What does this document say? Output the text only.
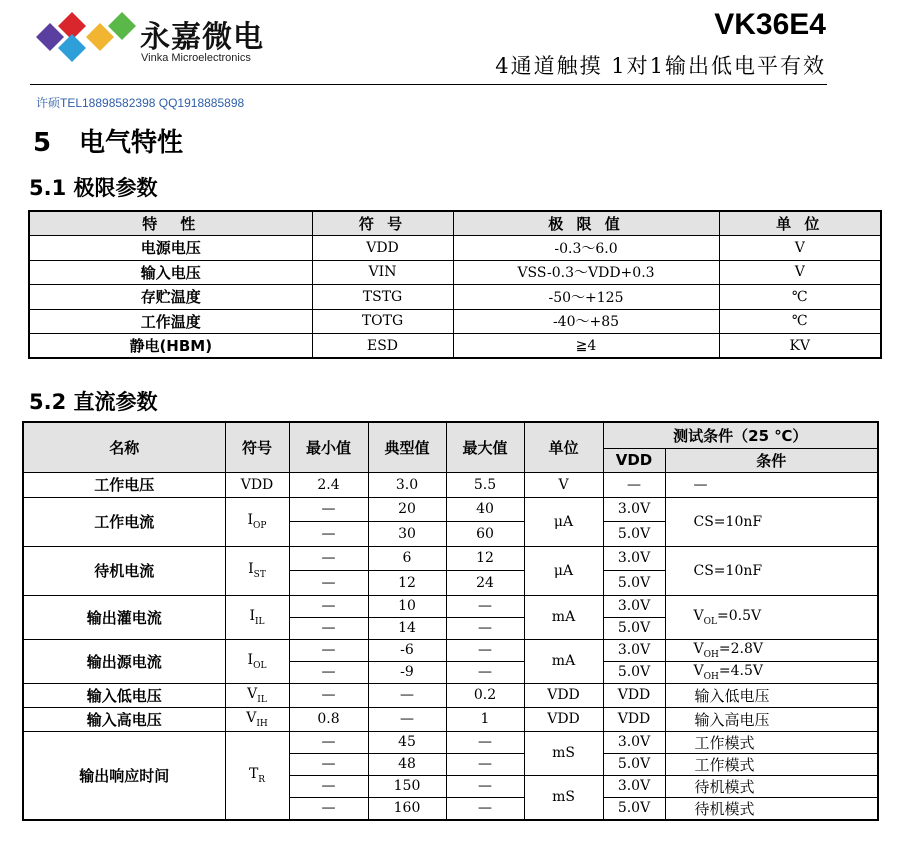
永嘉微电
Vinka Microelectronics
VK36E4
4通道触摸 1对1输出低电平有效
许硕TEL18898582398 QQ1918885898
5 电气特性
5.1 极限参数
特　性	符 号	极 限 值	单 位
电源电压	VDD	-0.3～6.0	V
输入电压	VIN	VSS-0.3～VDD+0.3	V
存贮温度	TSTG	-50～+125	℃
工作温度	TOTG	-40～+85	℃
静电(HBM)	ESD	≧4	KV
5.2 直流参数
名称	符号	最小值	典型值	最大值	单位	测试条件（25 ℃）	
						VDD	条件
工作电压	VDD	2.4	3.0	5.5	V	—	—
工作电流	$I_{OP}$	—	20	40	μA	3.0V	CS=10nF
		—	30	60		5.0V	
待机电流	$I_{ST}$	—	6	12	μA	3.0V	CS=10nF
		—	12	24		5.0V	
输出灌电流	$I_{IL}$	—	10	—	mA	3.0V	$V_{OL}=0.5V$
		—	14	—		5.0V	
输出源电流	$I_{OL}$	—	-6	—	mA	3.0V	$V_{OH}=2.8V$
		—	-9	—		5.0V	$V_{OH}=4.5V$
输入低电压	$V_{IL}$	—	—	0.2	VDD	VDD	输入低电压
输入高电压	$V_{IH}$	0.8	—	1	VDD	VDD	输入高电压
输出响应时间	$T_R$	—	45	—	mS	3.0V	工作模式
		—	48	—		5.0V	工作模式
		—	150	—	mS	3.0V	待机模式
		—	160	—		5.0V	待机模式
